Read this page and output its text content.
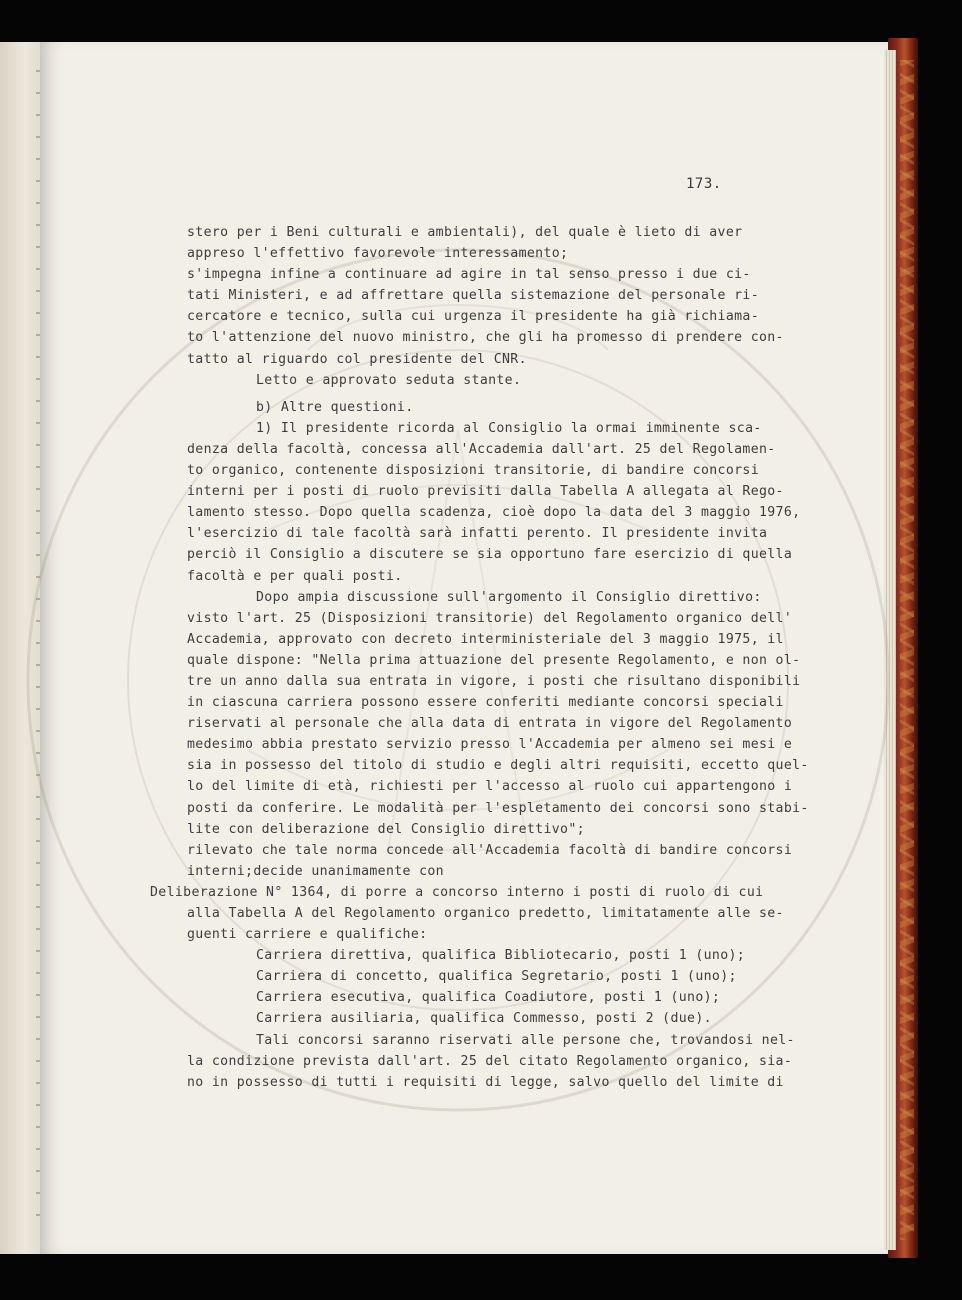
173.
stero per i Beni culturali e ambientali), del quale è lieto di aver
appreso l'effettivo favorevole interessamento;
s'impegna infine a continuare ad agire in tal senso presso i due ci-
tati Ministeri, e ad affrettare quella sistemazione del personale ri-
cercatore e tecnico, sulla cui urgenza il presidente ha già richiama-
to l'attenzione del nuovo ministro, che gli ha promesso di prendere con-
tatto al riguardo col presidente del CNR.
Letto e approvato seduta stante.
b) Altre questioni.
1) Il presidente ricorda al Consiglio la ormai imminente sca-
denza della facoltà, concessa all'Accademia dall'art. 25 del Regolamen-
to organico, contenente disposizioni transitorie, di bandire concorsi
interni per i posti di ruolo previsiti dalla Tabella A allegata al Rego-
lamento stesso. Dopo quella scadenza, cioè dopo la data del 3 maggio 1976,
l'esercizio di tale facoltà sarà infatti perento. Il presidente invita
perciò il Consiglio a discutere se sia opportuno fare esercizio di quella
facoltà e per quali posti.
Dopo ampia discussione sull'argomento il Consiglio direttivo:
visto l'art. 25 (Disposizioni transitorie) del Regolamento organico dell'
Accademia, approvato con decreto interministeriale del 3 maggio 1975, il
quale dispone: "Nella prima attuazione del presente Regolamento, e non ol-
tre un anno dalla sua entrata in vigore, i posti che risultano disponibili
in ciascuna carriera possono essere conferiti mediante concorsi speciali
riservati al personale che alla data di entrata in vigore del Regolamento
medesimo abbia prestato servizio presso l'Accademia per almeno sei mesi e
sia in possesso del titolo di studio e degli altri requisiti, eccetto quel-
lo del limite di età, richiesti per l'accesso al ruolo cui appartengono i
posti da conferire. Le modalità per l'espletamento dei concorsi sono stabi-
lite con deliberazione del Consiglio direttivo";
rilevato che tale norma concede all'Accademia facoltà di bandire concorsi
interni;decide unanimamente con
Deliberazione N° 1364, di porre a concorso interno i posti di ruolo di cui
alla Tabella A del Regolamento organico predetto, limitatamente alle se-
guenti carriere e qualifiche:
Carriera direttiva, qualifica Bibliotecario, posti 1 (uno);
Carriera di concetto, qualifica Segretario, posti 1 (uno);
Carriera esecutiva, qualifica Coadiutore, posti 1 (uno);
Carriera ausiliaria, qualifica Commesso, posti 2 (due).
Tali concorsi saranno riservati alle persone che, trovandosi nel-
la condizione prevista dall'art. 25 del citato Regolamento organico, sia-
no in possesso di tutti i requisiti di legge, salvo quello del limite di
